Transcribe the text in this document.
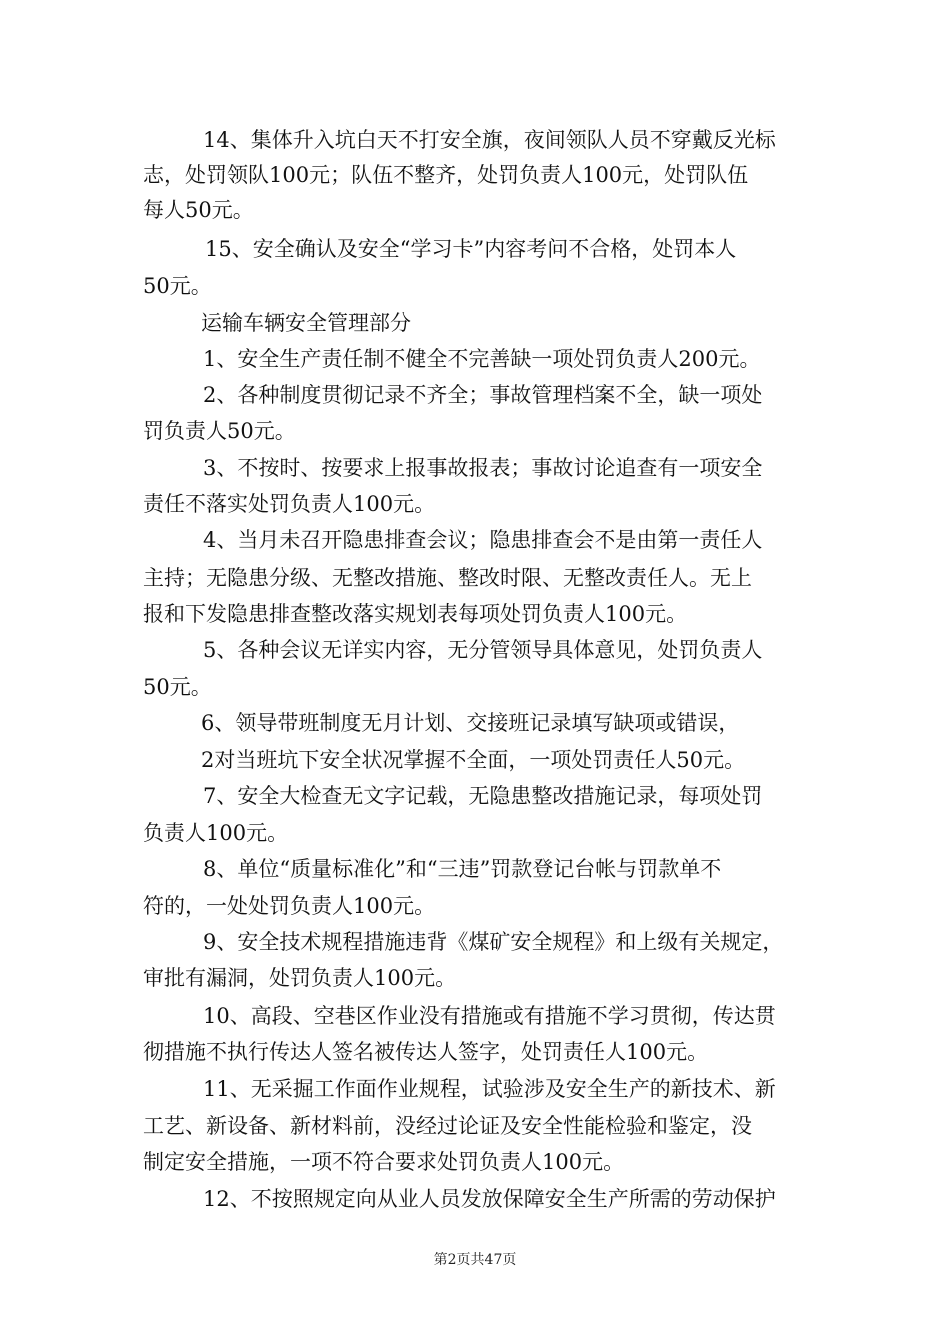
14、集体升入坑白天不打安全旗，夜间领队人员不穿戴反光标
志，处罚领队100元；队伍不整齐，处罚负责人100元，处罚队伍
每人50元。
15、安全确认及安全“学习卡”内容考问不合格，处罚本人
50元。
运输车辆安全管理部分
1、安全生产责任制不健全不完善缺一项处罚负责人200元。
2、各种制度贯彻记录不齐全；事故管理档案不全，缺一项处
罚负责人50元。
3、不按时、按要求上报事故报表；事故讨论追查有一项安全
责任不落实处罚负责人100元。
4、当月未召开隐患排查会议；隐患排查会不是由第一责任人
主持；无隐患分级、无整改措施、整改时限、无整改责任人。无上
报和下发隐患排查整改落实规划表每项处罚负责人100元。
5、各种会议无详实内容，无分管领导具体意见，处罚负责人
50元。
6、领导带班制度无月计划、交接班记录填写缺项或错误，
2对当班坑下安全状况掌握不全面，一项处罚责任人50元。
7、安全大检查无文字记载，无隐患整改措施记录，每项处罚
负责人100元。
8、单位“质量标准化”和“三违”罚款登记台帐与罚款单不
符的，一处处罚负责人100元。
9、安全技术规程措施违背《煤矿安全规程》和上级有关规定，
审批有漏洞，处罚负责人100元。
10、高段、空巷区作业没有措施或有措施不学习贯彻，传达贯
彻措施不执行传达人签名被传达人签字，处罚责任人100元。
11、无采掘工作面作业规程，试验涉及安全生产的新技术、新
工艺、新设备、新材料前，没经过论证及安全性能检验和鉴定，没
制定安全措施，一项不符合要求处罚负责人100元。
12、不按照规定向从业人员发放保障安全生产所需的劳动保护
第2页共47页
